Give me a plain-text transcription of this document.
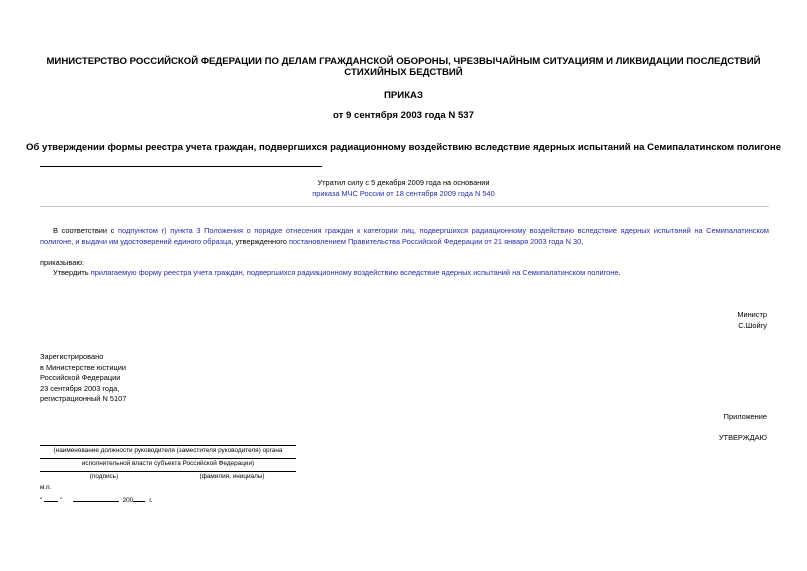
МИНИСТЕРСТВО РОССИЙСКОЙ ФЕДЕРАЦИИ ПО ДЕЛАМ ГРАЖДАНСКОЙ ОБОРОНЫ, ЧРЕЗВЫЧАЙНЫМ СИТУАЦИЯМ И ЛИКВИДАЦИИ ПОСЛЕДСТВИЙ СТИХИЙНЫХ БЕДСТВИЙ
ПРИКАЗ
от 9 сентября 2003 года N 537
Об утверждении формы реестра учета граждан, подвергшихся радиационному воздействию вследствие ядерных испытаний на Семипалатинском полигоне
Утратил силу с 5 декабря 2009 года на основании
приказа МЧС России от 18 сентября 2009 года N 540
В соответствии с подпунктом г) пункта 3 Положения о порядке отнесения граждан к категории лиц, подвергшихся радиационному воздействию вследствие ядерных испытаний на Семипалатинском полигоне, и выдачи им удостоверений единого образца, утвержденного постановлением Правительства Российской Федерации от 21 января 2003 года N 30,
приказываю:
Утвердить прилагаемую форму реестра учета граждан, подвергшихся радиационному воздействию вследствие ядерных испытаний на Семипалатинском полигоне.
Министр
С.Шойгу
Зарегистрировано
в Министерстве юстиции
Российской Федерации
23 сентября 2003 года,
регистрационный N 5107
Приложение
УТВЕРЖДАЮ
(наименование должности руководителя (заместителя руководителя) органа
исполнительной власти субъекта Российской Федерации)
(подпись)	(фамилия, инициалы)
м.п.
"	"	200	г.
